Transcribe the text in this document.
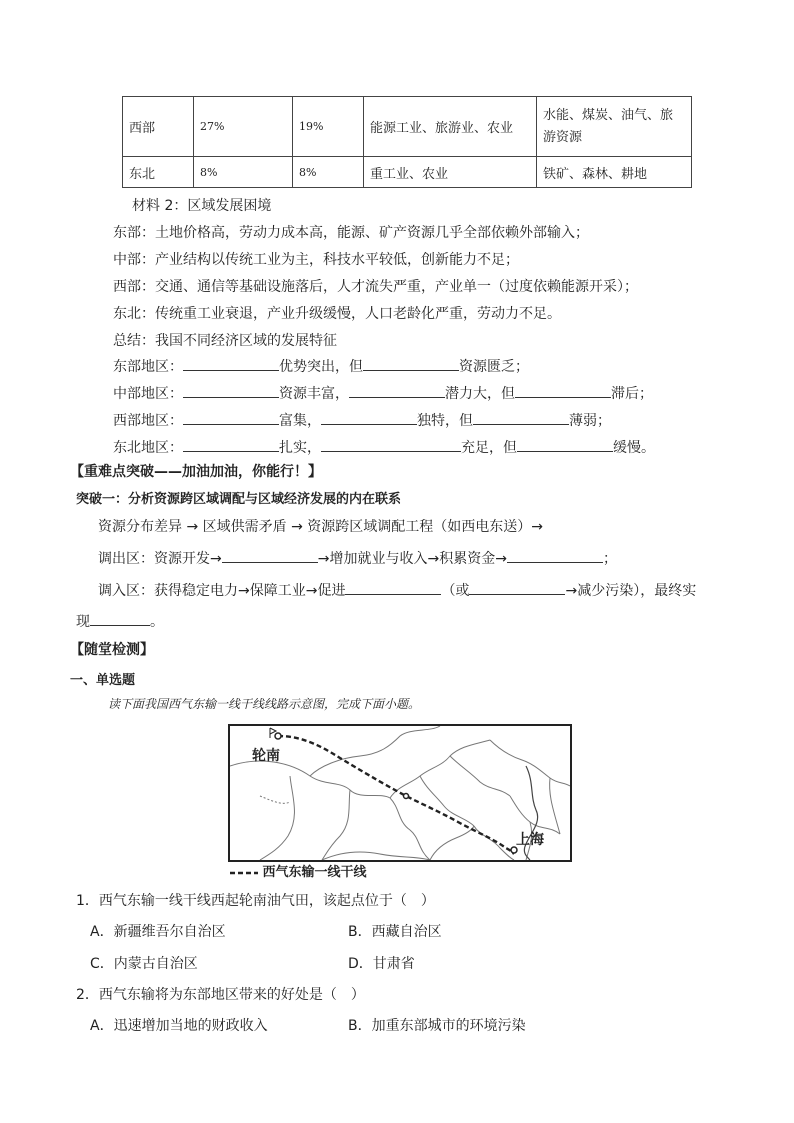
西部	27%	19%	能源工业、旅游业、农业	水能、煤炭、油气、旅
游资源
东北	8%	8%	重工业、农业	铁矿、森林、耕地
材料 2：区域发展困境
东部：土地价格高，劳动力成本高，能源、矿产资源几乎全部依赖外部输入；
中部：产业结构以传统工业为主，科技水平较低，创新能力不足；
西部：交通、通信等基础设施落后，人才流失严重，产业单一（过度依赖能源开采）；
东北：传统重工业衰退，产业升级缓慢，人口老龄化严重，劳动力不足。
总结：我国不同经济区域的发展特征
东部地区：	优势突出，但	资源匮乏；
中部地区：	资源丰富，	潜力大，但	滞后；
西部地区：	富集，	独特，但	薄弱；
东北地区：	扎实，	充足，但	缓慢。
【重难点突破——加油加油，你能行！】
突破一：分析资源跨区域调配与区域经济发展的内在联系
资源分布差异 → 区域供需矛盾 → 资源跨区域调配工程（如西电东送）→
调出区：资源开发→	→增加就业与收入→积累资金→	；
调入区：获得稳定电力→保障工业→促进	（或	→减少污染），最终实
现	。
【随堂检测】
一、单选题
读下面我国西气东输一线干线线路示意图，完成下面小题。
轮南
上海
西气东输一线干线
1．西气东输一线干线西起轮南油气田，该起点位于（　）
A．新疆维吾尔自治区	B．西藏自治区
C．内蒙古自治区	D．甘肃省
2．西气东输将为东部地区带来的好处是（　）
A．迅速增加当地的财政收入	B．加重东部城市的环境污染
